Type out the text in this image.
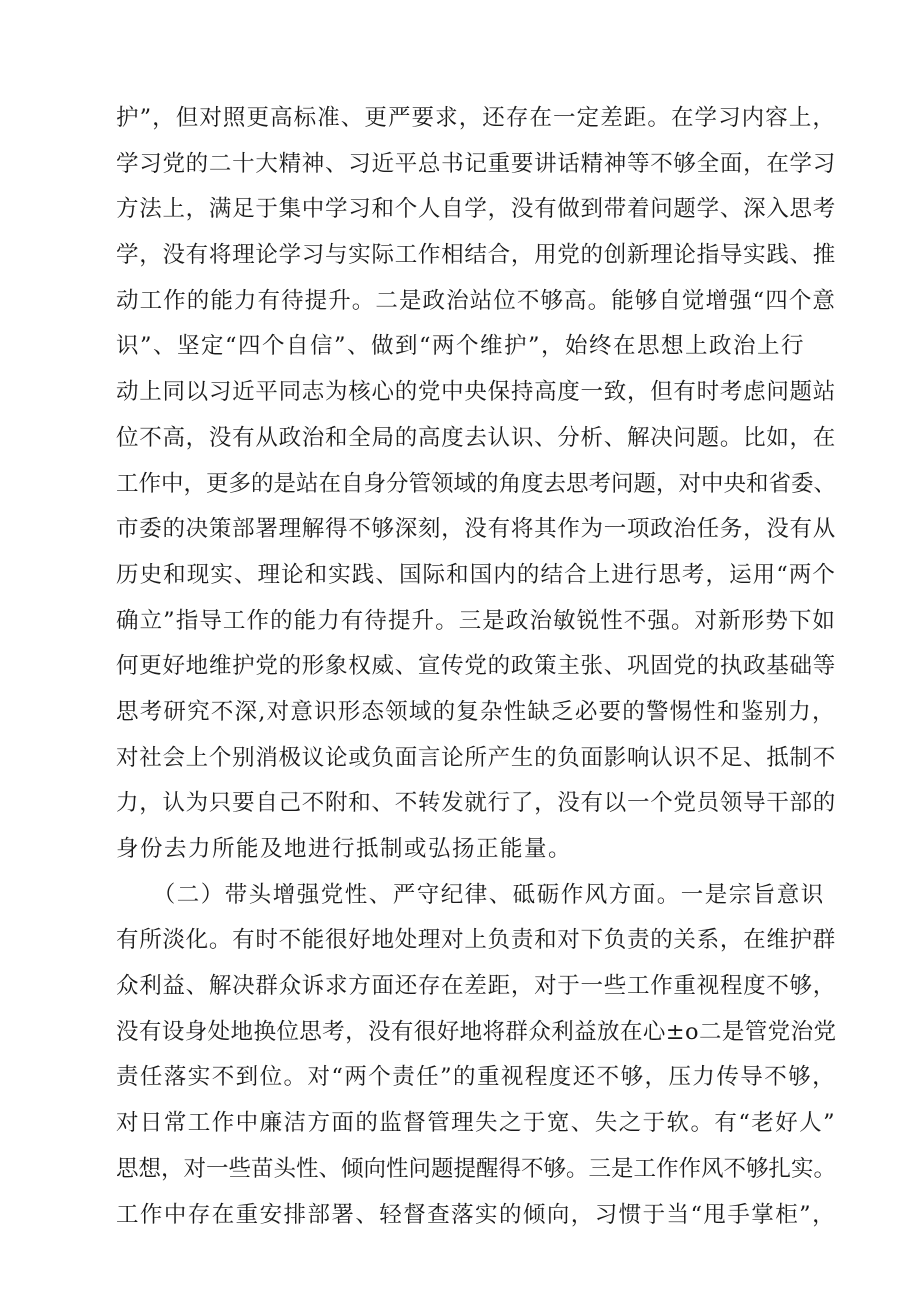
护”，但对照更高标准、更严要求，还存在一定差距。在学习内容上，
学习党的二十大精神、习近平总书记重要讲话精神等不够全面，在学习
方法上，满足于集中学习和个人自学，没有做到带着问题学、深入思考
学，没有将理论学习与实际工作相结合，用党的创新理论指导实践、推
动工作的能力有待提升。二是政治站位不够高。能够自觉增强“四个意
识”、坚定“四个自信”、做到“两个维护”，始终在思想上政治上行
动上同以习近平同志为核心的党中央保持高度一致，但有时考虑问题站
位不高，没有从政治和全局的高度去认识、分析、解决问题。比如，在
工作中，更多的是站在自身分管领域的角度去思考问题，对中央和省委、
市委的决策部署理解得不够深刻，没有将其作为一项政治任务，没有从
历史和现实、理论和实践、国际和国内的结合上进行思考，运用“两个
确立”指导工作的能力有待提升。三是政治敏锐性不强。对新形势下如
何更好地维护党的形象权威、宣传党的政策主张、巩固党的执政基础等
思考研究不深,对意识形态领域的复杂性缺乏必要的警惕性和鉴别力，
对社会上个别消极议论或负面言论所产生的负面影响认识不足、抵制不
力，认为只要自己不附和、不转发就行了，没有以一个党员领导干部的
身份去力所能及地进行抵制或弘扬正能量。
　　（二）带头增强党性、严守纪律、砥砺作风方面。一是宗旨意识
有所淡化。有时不能很好地处理对上负责和对下负责的关系，在维护群
众利益、解决群众诉求方面还存在差距，对于一些工作重视程度不够，
没有设身处地换位思考，没有很好地将群众利益放在心±o二是管党治党
责任落实不到位。对“两个责任”的重视程度还不够，压力传导不够，
对日常工作中廉洁方面的监督管理失之于宽、失之于软。有“老好人”
思想，对一些苗头性、倾向性问题提醒得不够。三是工作作风不够扎实。
工作中存在重安排部署、轻督查落实的倾向，习惯于当“甩手掌柜”，
